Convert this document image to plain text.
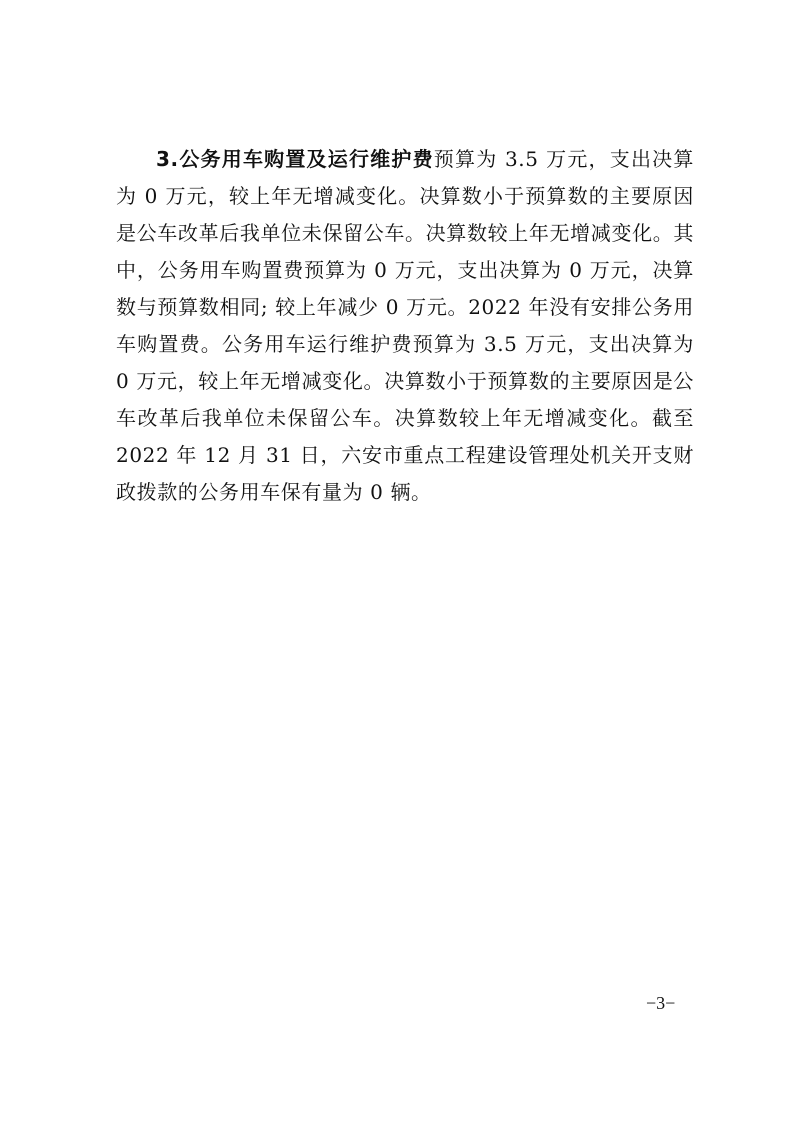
3.公务用车购置及运行维护费预算为 3.5 万元，支出决算为 0 万元，较上年无增减变化。决算数小于预算数的主要原因是公车改革后我单位未保留公车。决算数较上年无增减变化。其中，公务用车购置费预算为 0 万元，支出决算为 0 万元，决算数与预算数相同; 较上年减少 0 万元。2022 年没有安排公务用车购置费。公务用车运行维护费预算为 3.5 万元，支出决算为 0 万元，较上年无增减变化。决算数小于预算数的主要原因是公车改革后我单位未保留公车。决算数较上年无增减变化。截至 2022 年 12 月 31 日，六安市重点工程建设管理处机关开支财政拨款的公务用车保有量为 0 辆。

−3−
